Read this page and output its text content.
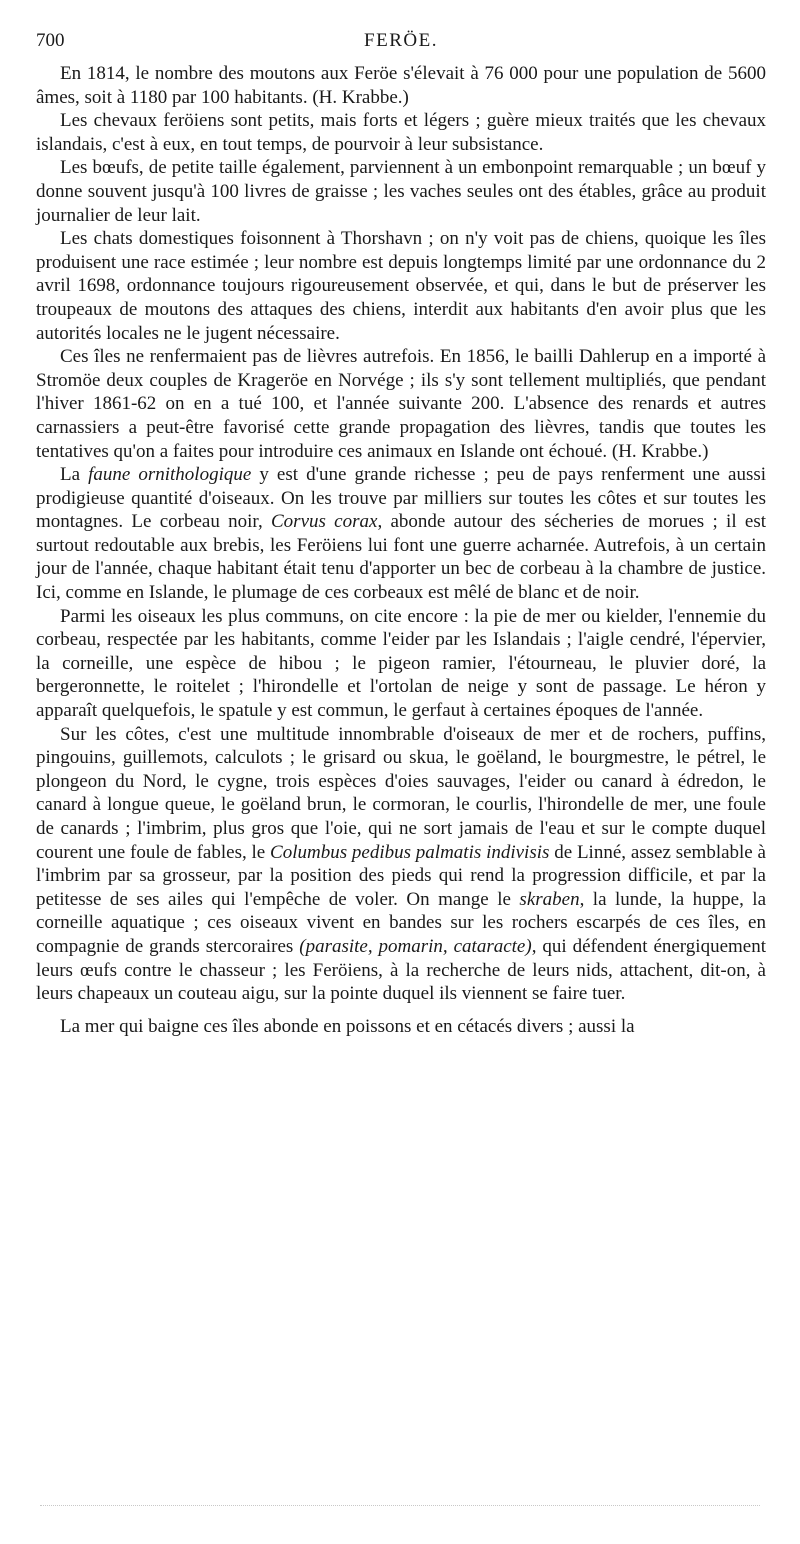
700	FERÖE.

En 1814, le nombre des moutons aux Feröe s'élevait à 76 000 pour une population de 5600 âmes, soit à 1180 par 100 habitants. (H. Krabbe.)

Les chevaux feröiens sont petits, mais forts et légers ; guère mieux traités que les chevaux islandais, c'est à eux, en tout temps, de pourvoir à leur subsistance.

Les bœufs, de petite taille également, parviennent à un embonpoint remarquable ; un bœuf y donne souvent jusqu'à 100 livres de graisse ; les vaches seules ont des étables, grâce au produit journalier de leur lait.

Les chats domestiques foisonnent à Thorshavn ; on n'y voit pas de chiens, quoique les îles produisent une race estimée ; leur nombre est depuis longtemps limité par une ordonnance du 2 avril 1698, ordonnance toujours rigoureusement observée, et qui, dans le but de préserver les troupeaux de moutons des attaques des chiens, interdit aux habitants d'en avoir plus que les autorités locales ne le jugent nécessaire.

Ces îles ne renfermaient pas de lièvres autrefois. En 1856, le bailli Dahlerup en a importé à Stromöe deux couples de Krageröe en Norvége ; ils s'y sont tellement multipliés, que pendant l'hiver 1861-62 on en a tué 100, et l'année suivante 200. L'absence des renards et autres carnassiers a peut-être favorisé cette grande propagation des lièvres, tandis que toutes les tentatives qu'on a faites pour introduire ces animaux en Islande ont échoué. (H. Krabbe.)

La faune ornithologique y est d'une grande richesse ; peu de pays renferment une aussi prodigieuse quantité d'oiseaux. On les trouve par milliers sur toutes les côtes et sur toutes les montagnes. Le corbeau noir, Corvus corax, abonde autour des sécheries de morues ; il est surtout redoutable aux brebis, les Feröiens lui font une guerre acharnée. Autrefois, à un certain jour de l'année, chaque habitant était tenu d'apporter un bec de corbeau à la chambre de justice. Ici, comme en Islande, le plumage de ces corbeaux est mêlé de blanc et de noir.

Parmi les oiseaux les plus communs, on cite encore : la pie de mer ou kielder, l'ennemie du corbeau, respectée par les habitants, comme l'eider par les Islandais ; l'aigle cendré, l'épervier, la corneille, une espèce de hibou ; le pigeon ramier, l'étourneau, le pluvier doré, la bergeronnette, le roitelet ; l'hirondelle et l'ortolan de neige y sont de passage. Le héron y apparaît quelquefois, le spatule y est commun, le gerfaut à certaines époques de l'année.

Sur les côtes, c'est une multitude innombrable d'oiseaux de mer et de rochers, puffins, pingouins, guillemots, calculots ; le grisard ou skua, le goëland, le bourgmestre, le pétrel, le plongeon du Nord, le cygne, trois espèces d'oies sauvages, l'eider ou canard à édredon, le canard à longue queue, le goëland brun, le cormoran, le courlis, l'hirondelle de mer, une foule de canards ; l'imbrim, plus gros que l'oie, qui ne sort jamais de l'eau et sur le compte duquel courent une foule de fables, le Columbus pedibus palmatis indivisis de Linné, assez semblable à l'imbrim par sa grosseur, par la position des pieds qui rend la progression difficile, et par la petitesse de ses ailes qui l'empêche de voler. On mange le skraben, la lunde, la huppe, la corneille aquatique ; ces oiseaux vivent en bandes sur les rochers escarpés de ces îles, en compagnie de grands stercoraires (parasite, pomarin, cataracte), qui défendent énergiquement leurs œufs contre le chasseur ; les Feröiens, à la recherche de leurs nids, attachent, dit-on, à leurs chapeaux un couteau aigu, sur la pointe duquel ils viennent se faire tuer.

La mer qui baigne ces îles abonde en poissons et en cétacés divers ; aussi la
